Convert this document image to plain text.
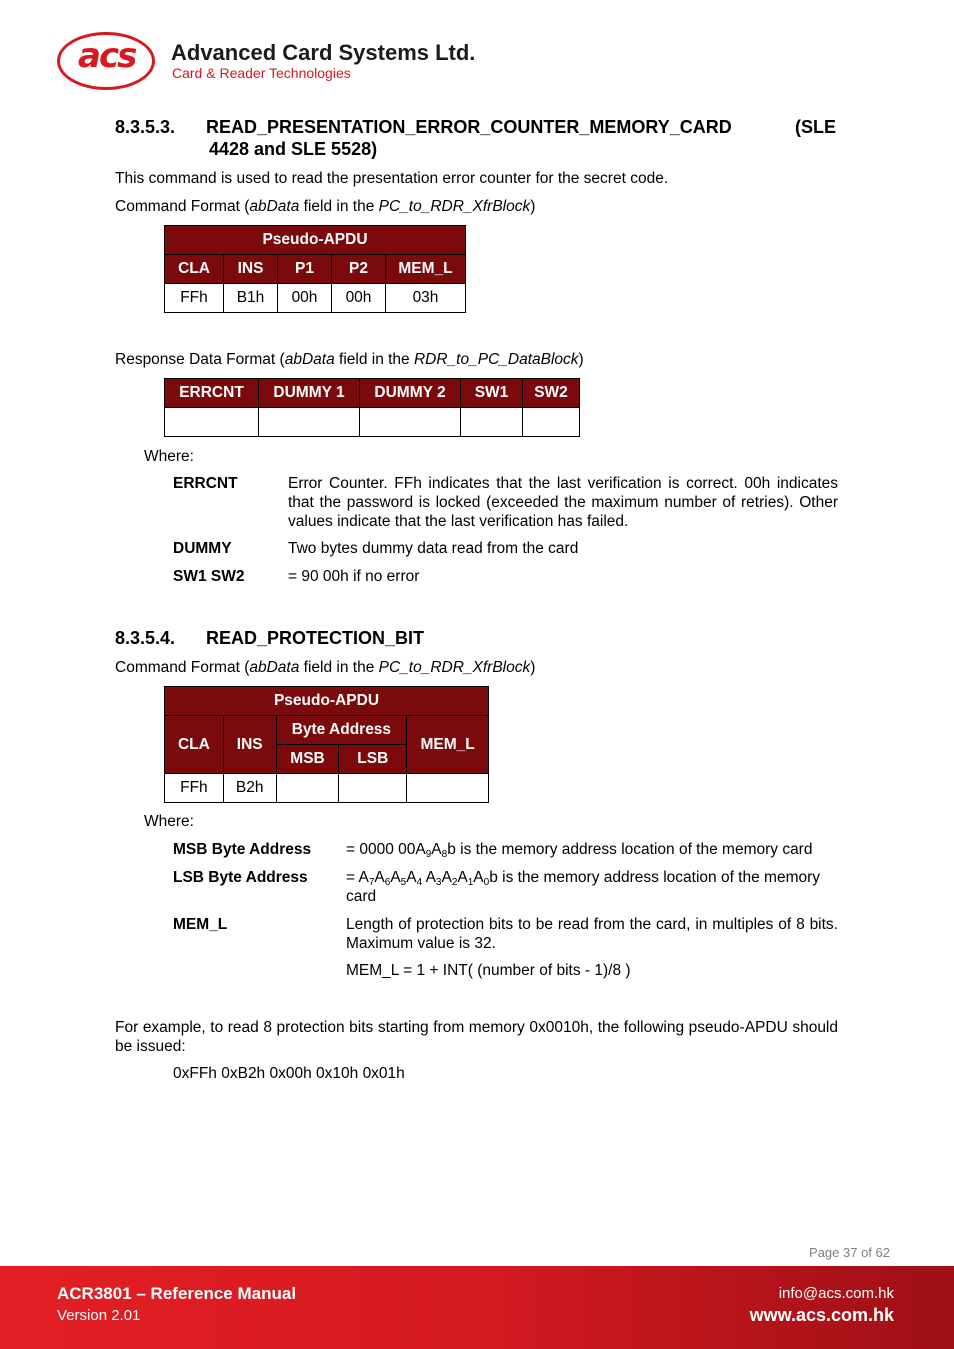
acs Advanced Card Systems Ltd.
Card & Reader Technologies
8.3.5.3. READ_PRESENTATION_ERROR_COUNTER_MEMORY_CARD	(SLE
4428 and SLE 5528)
This command is used to read the presentation error counter for the secret code.
Command Format (abData field in the PC_to_RDR_XfrBlock)
Pseudo-APDU				
CLA	INS	P1	P2	MEM_L
FFh	B1h	00h	00h	03h
Response Data Format (abData field in the RDR_to_PC_DataBlock)
ERRCNT	DUMMY 1	DUMMY 2	SW1	SW2

Where:
ERRCNT	Error Counter. FFh indicates that the last verification is correct. 00h indicates that the password is locked (exceeded the maximum number of retries). Other values indicate that the last verification has failed.
DUMMY	Two bytes dummy data read from the card
SW1 SW2	= 90 00h if no error
8.3.5.4. READ_PROTECTION_BIT
Command Format (abData field in the PC_to_RDR_XfrBlock)
Pseudo-APDU				
CLA	INS	Byte Address		MEM_L
		MSB	LSB	
FFh	B2h			
Where:
MSB Byte Address = 0000 $00A_9A_8b$ is the memory address location of the memory card
LSB Byte Address = $A_7A_6A_5A_4$ $A_3A_2A_1A_0b$ is the memory address location of the memory card
MEM_L	Length of protection bits to be read from the card, in multiples of 8 bits. Maximum value is 32.
MEM_L = 1 + INT( (number of bits - 1)/8 )
For example, to read 8 protection bits starting from memory 0x0010h, the following pseudo-APDU should be issued:
0xFFh 0xB2h 0x00h 0x10h 0x01h
Page 37 of 62
ACR3801 – Reference Manual
Version 2.01
info@acs.com.hk
www.acs.com.hk
